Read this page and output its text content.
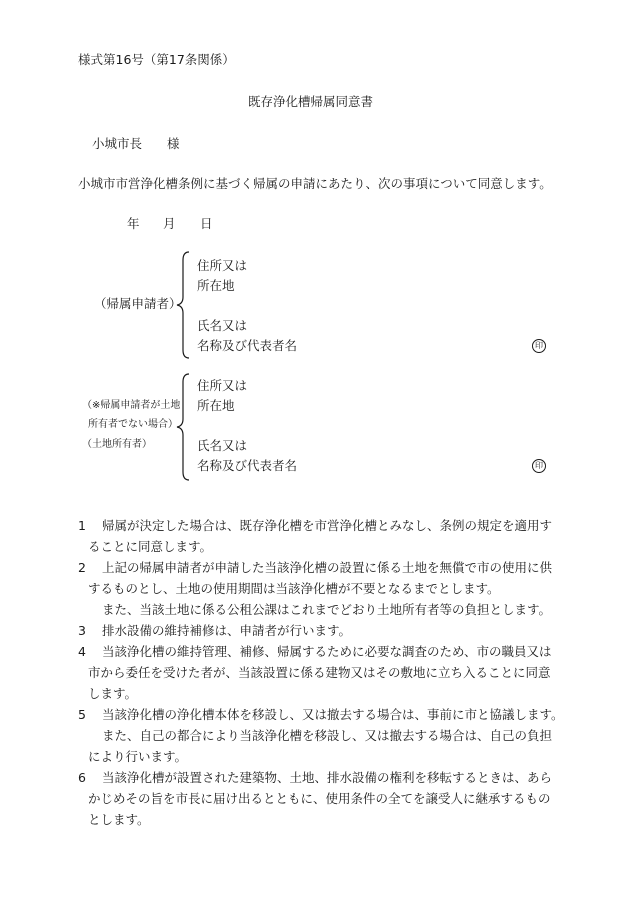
様式第16号（第17条関係）
既存浄化槽帰属同意書
小城市長　　様
小城市市営浄化槽条例に基づく帰属の申請にあたり、次の事項について同意します。
年 月 日
（帰属申請者）
住所又は
所在地
氏名又は
名称及び代表者名	印
（※帰属申請者が土地
所有者でない場合）
（土地所有者）
住所又は
所在地
氏名又は
名称及び代表者名	印
1 帰属が決定した場合は、既存浄化槽を市営浄化槽とみなし、条例の規定を適用す
ることに同意します。
2 上記の帰属申請者が申請した当該浄化槽の設置に係る土地を無償で市の使用に供
するものとし、土地の使用期間は当該浄化槽が不要となるまでとします。
また、当該土地に係る公租公課はこれまでどおり土地所有者等の負担とします。
3 排水設備の維持補修は、申請者が行います。
4 当該浄化槽の維持管理、補修、帰属するために必要な調査のため、市の職員又は
市から委任を受けた者が、当該設置に係る建物又はその敷地に立ち入ることに同意
します。
5 当該浄化槽の浄化槽本体を移設し、又は撤去する場合は、事前に市と協議します。
また、自己の都合により当該浄化槽を移設し、又は撤去する場合は、自己の負担
により行います。
6 当該浄化槽が設置された建築物、土地、排水設備の権利を移転するときは、あら
かじめその旨を市長に届け出るとともに、使用条件の全てを譲受人に継承するもの
とします。
